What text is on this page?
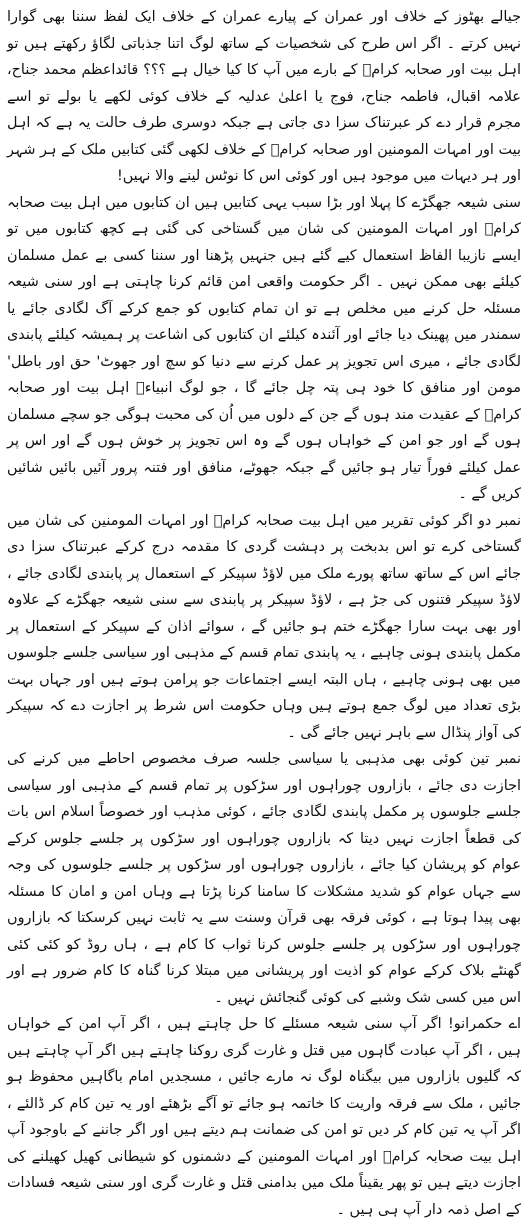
جیالے بھٹوز کے خلاف اور عمران کے پیارے عمران کے خلاف ایک لفظ سننا بھی گوارا نہیں کرتے ۔ اگر اس طرح کی شخصیات کے ساتھ لوگ اتنا جذباتی لگاؤ رکھتے ہیں تو اہل بیت اور صحابہ کرامؓ کے بارے میں آپ کا کیا خیال ہے ؟؟؟ قائداعظم محمد جناح، علامہ اقبال، فاطمہ جناح، فوج یا اعلیٰ عدلیہ کے خلاف کوئی لکھے یا بولے تو اسے مجرم قرار دے کر عبرتناک سزا دی جاتی ہے جبکہ دوسری طرف حالت یہ ہے کہ اہل بیت اور امہات المومنین اور صحابہ کرامؓ کے خلاف لکھی گئی کتابیں ملک کے ہر شہر اور ہر دیہات میں موجود ہیں اور کوئی اس کا نوٹس لینے والا نہیں!

سنی شیعہ جھگڑے کا پہلا اور بڑا سبب یہی کتابیں ہیں ان کتابوں میں اہل بیت صحابہ کرامؓ اور امہات المومنین کی شان میں گستاخی کی گئی ہے کچھ کتابوں میں تو ایسے نازیبا الفاظ استعمال کیے گئے ہیں جنہیں پڑھنا اور سننا کسی بے عمل مسلمان کیلئے بھی ممکن نہیں ۔ اگر حکومت واقعی امن قائم کرنا چاہتی ہے اور سنی شیعہ مسئلہ حل کرنے میں مخلص ہے تو ان تمام کتابوں کو جمع کرکے آگ لگادی جائے یا سمندر میں پھینک دیا جائے اور آئندہ کیلئے ان کتابوں کی اشاعت پر ہمیشہ کیلئے پابندی لگادی جائے ، میری اس تجویز پر عمل کرنے سے دنیا کو سچ اور جھوٹ' حق اور باطل' مومن اور منافق کا خود ہی پتہ چل جائے گا ، جو لوگ انبیاءؑ اہل بیت اور صحابہ کرامؓ کے عقیدت مند ہوں گے جن کے دلوں میں اُن کی محبت ہوگی جو سچے مسلمان ہوں گے اور جو امن کے خواہاں ہوں گے وہ اس تجویز پر خوش ہوں گے اور اس پر عمل کیلئے فوراً تیار ہو جائیں گے جبکہ جھوٹے، منافق اور فتنہ پرور آئیں بائیں شائیں کریں گے ۔

نمبر دو اگر کوئی تقریر میں اہل بیت صحابہ کرامؓ اور امہات المومنین کی شان میں گستاخی کرے تو اس بدبخت پر دہشت گردی کا مقدمہ درج کرکے عبرتناک سزا دی جائے اس کے ساتھ ساتھ پورے ملک میں لاؤڈ سپیکر کے استعمال پر پابندی لگادی جائے ، لاؤڈ سپیکر فتنوں کی جڑ ہے ، لاؤڈ سپیکر پر پابندی سے سنی شیعہ جھگڑے کے علاوہ اور بھی بہت سارا جھگڑے ختم ہو جائیں گے ، سوائے اذان کے سپیکر کے استعمال پر مکمل پابندی ہونی چاہیے ، یہ پابندی تمام قسم کے مذہبی اور سیاسی جلسے جلوسوں میں بھی ہونی چاہیے ، ہاں البتہ ایسے اجتماعات جو پرامن ہوتے ہیں اور جہاں بہت بڑی تعداد میں لوگ جمع ہوتے ہیں وہاں حکومت اس شرط پر اجازت دے کہ سپیکر کی آواز پنڈال سے باہر نہیں جائے گی ۔

نمبر تین کوئی بھی مذہبی یا سیاسی جلسہ صرف مخصوص احاطے میں کرنے کی اجازت دی جائے ، بازاروں چوراہوں اور سڑکوں پر تمام قسم کے مذہبی اور سیاسی جلسے جلوسوں پر مکمل پابندی لگادی جائے ، کوئی مذہب اور خصوصاً اسلام اس بات کی قطعاً اجازت نہیں دیتا کہ بازاروں چوراہوں اور سڑکوں پر جلسے جلوس کرکے عوام کو پریشان کیا جائے ، بازاروں چوراہوں اور سڑکوں پر جلسے جلوسوں کی وجہ سے جہاں عوام کو شدید مشکلات کا سامنا کرنا پڑتا ہے وہاں امن و امان کا مسئلہ بھی پیدا ہوتا ہے ، کوئی فرقہ بھی قرآن وسنت سے یہ ثابت نہیں کرسکتا کہ بازاروں چوراہوں اور سڑکوں پر جلسے جلوس کرنا ثواب کا کام ہے ، ہاں روڈ کو کئی کئی گھنٹے بلاک کرکے عوام کو اذیت اور پریشانی میں مبتلا کرنا گناہ کا کام ضرور ہے اور اس میں کسی شک وشبے کی کوئی گنجائش نہیں ۔

اے حکمرانو! اگر آپ سنی شیعہ مسئلے کا حل چاہتے ہیں ، اگر آپ امن کے خواہاں ہیں ، اگر آپ عبادت گاہوں میں قتل و غارت گری روکنا چاہتے ہیں اگر آپ چاہتے ہیں کہ گلیوں بازاروں میں بیگناہ لوگ نہ مارے جائیں ، مسجدیں امام باگاہیں محفوظ ہو جائیں ، ملک سے فرقہ واریت کا خاتمہ ہو جائے تو آگے بڑھئے اور یہ تین کام کر ڈالئے ، اگر آپ یہ تین کام کر دیں تو امن کی ضمانت ہم دیتے ہیں اور اگر جاننے کے باوجود آپ اہل بیت صحابہ کرامؓ اور امہات المومنین کے دشمنوں کو شیطانی کھیل کھیلنے کی اجازت دیتے ہیں تو پھر یقیناً ملک میں بدامنی قتل و غارت گری اور سنی شیعہ فسادات کے اصل ذمہ دار آپ ہی ہیں ۔
